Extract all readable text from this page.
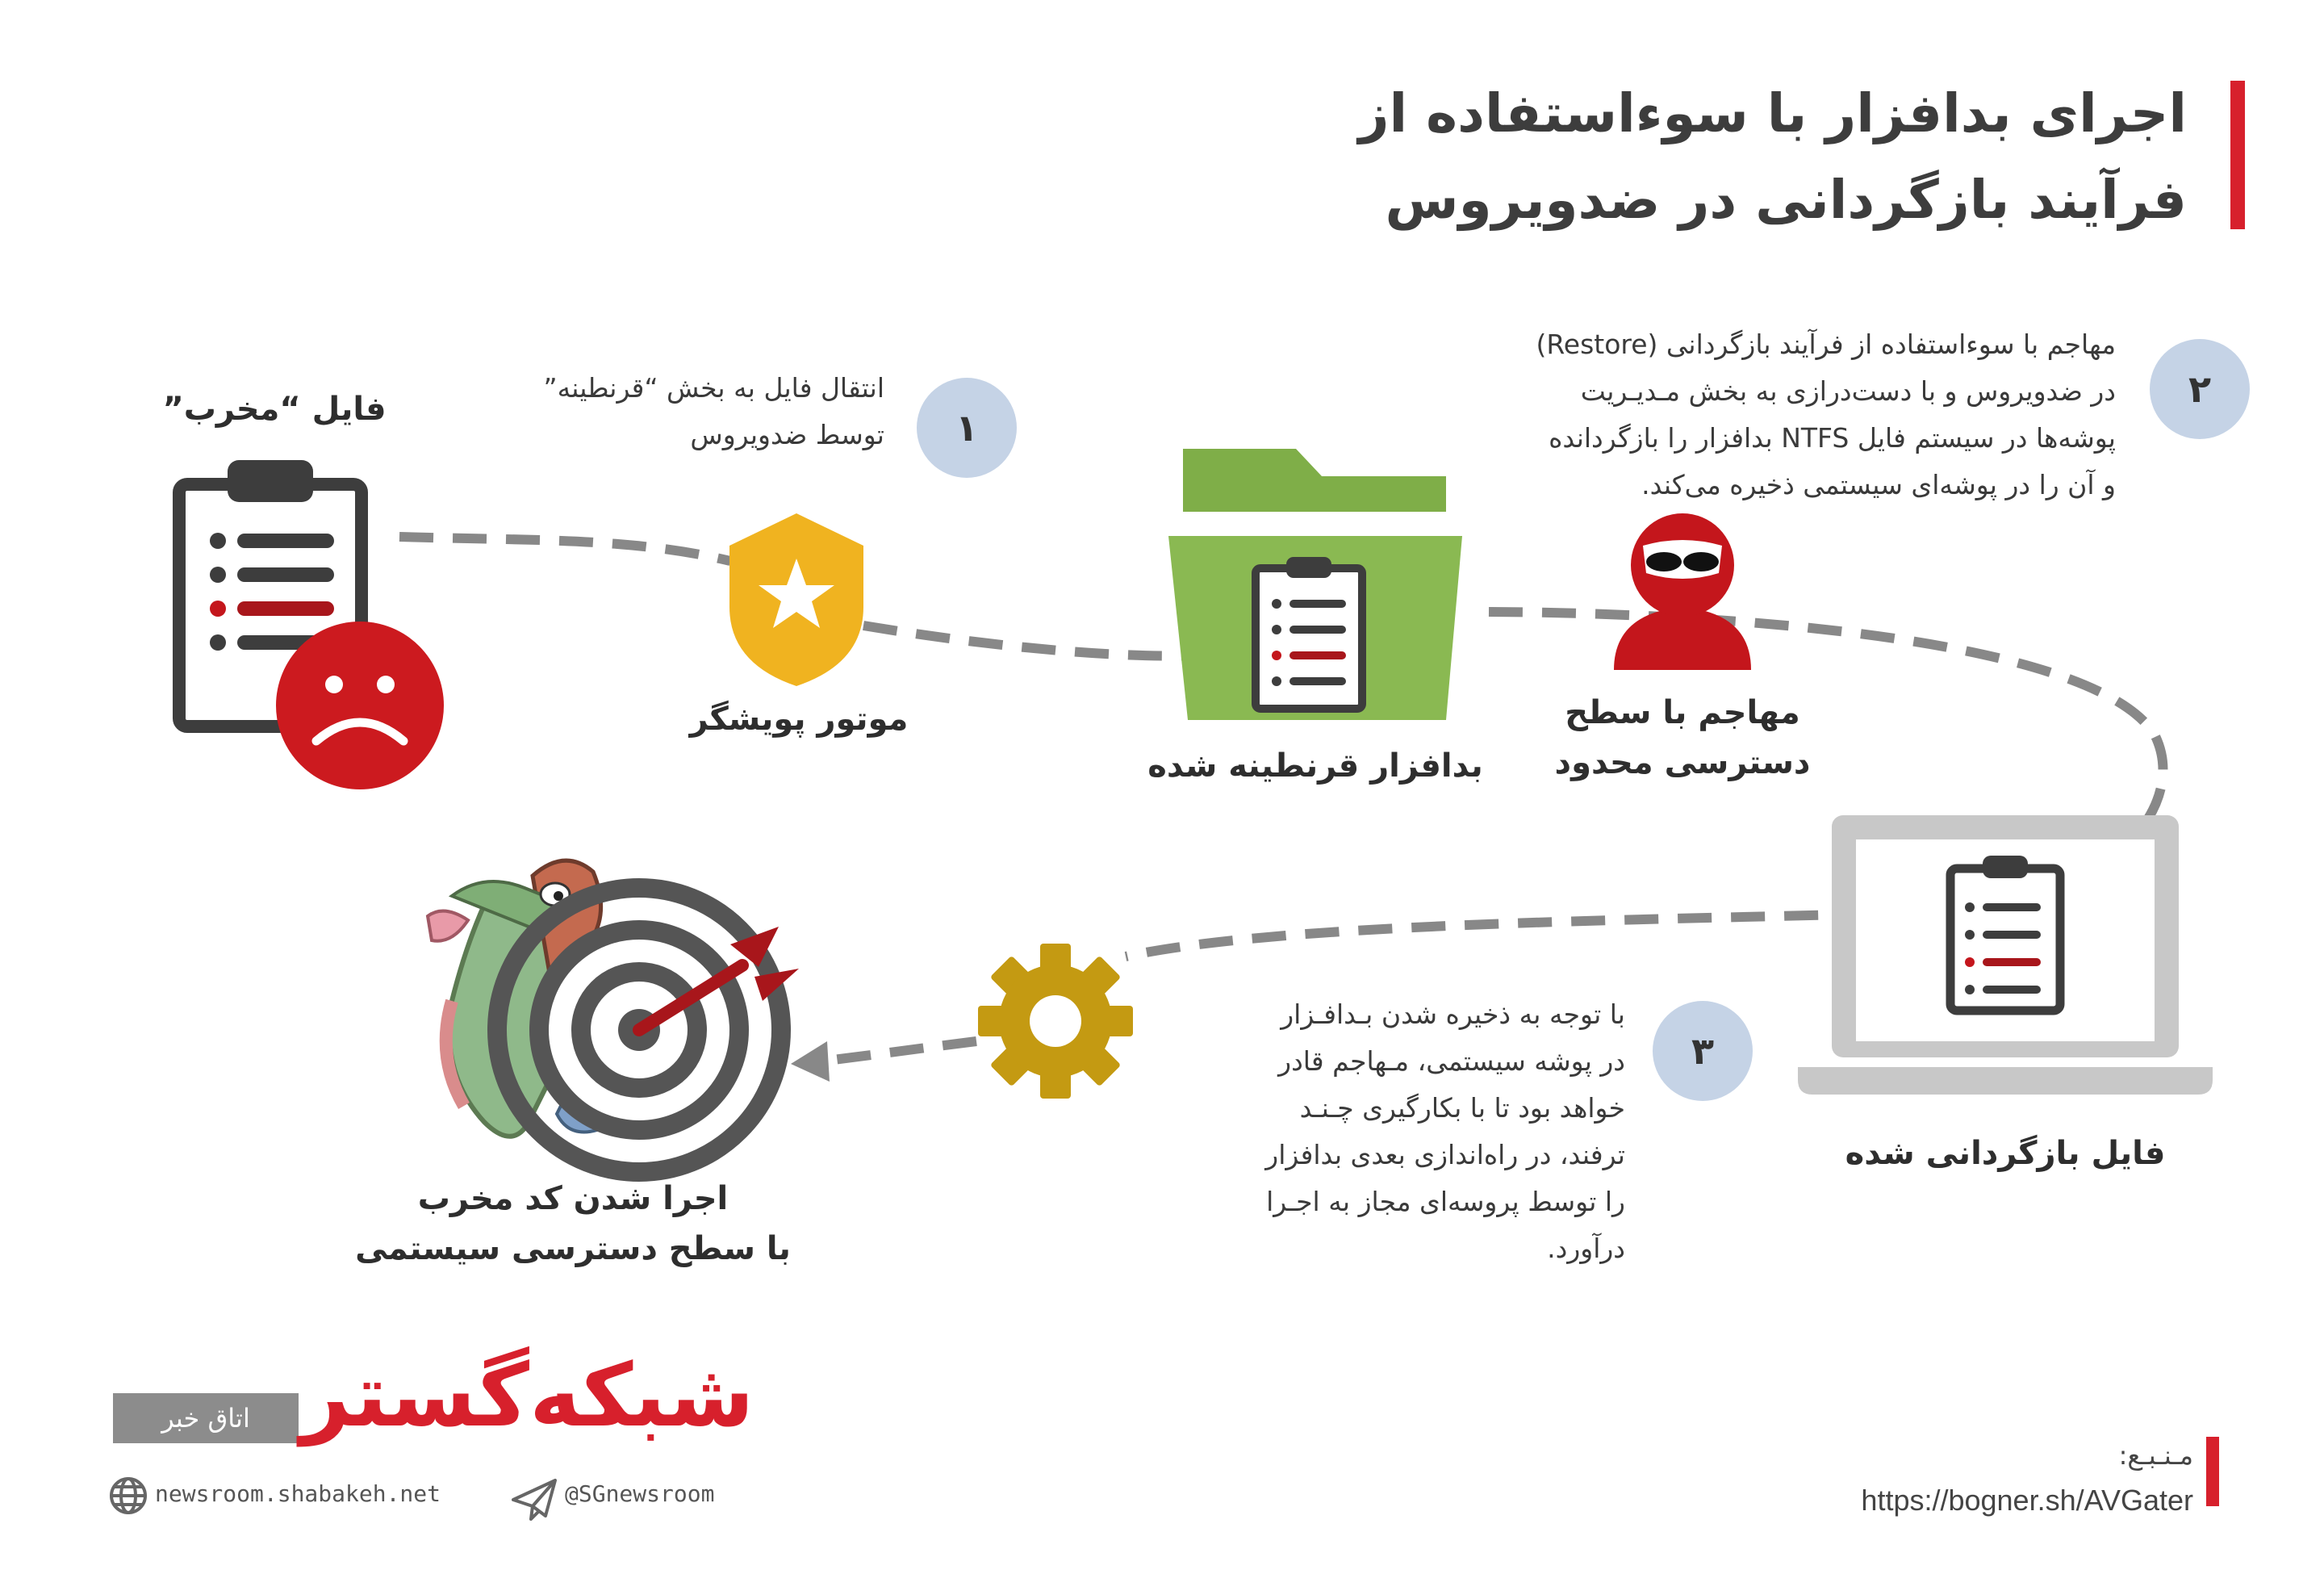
اجرای بدافزار با سوءاستفاده از
فرآیند بازگردانی در ضدویروس
۱
انتقال فایل به بخش “قرنطینه”
توسط ضدویروس
۲
مهاجم با سوءاستفاده از فرآیند بازگردانی (Restore)
در ضدویروس و با دست‌درازی به بخش مـدیـریت
پوشه‌ها در سیستم فایل NTFS بدافزار را بازگردانده
و آن را در پوشه‌ای سیستمی ذخیره می‌کند.
۳
با توجه به ذخیره شدن بـدافـزار
در پوشه سیستمی، مـهاجم قادر
خواهد بود تا با بکارگیری چـنـد
ترفند، در راه‌اندازی بعدی بدافزار
را توسط پروسه‌ای مجاز به اجـرا
درآورد.
فایل “مخرب”
موتور پویشگر
بدافزار قرنطینه شده
مهاجم با سطح
دسترسی محدود
فایل بازگردانی شده
اجرا شدن کد مخرب
با سطح دسترسی سیستمی
اتاق خبر شبکه‌گستر
newsroom.shabakeh.net	@SGnewsroom
مـنـبـع:
https://bogner.sh/AVGater
